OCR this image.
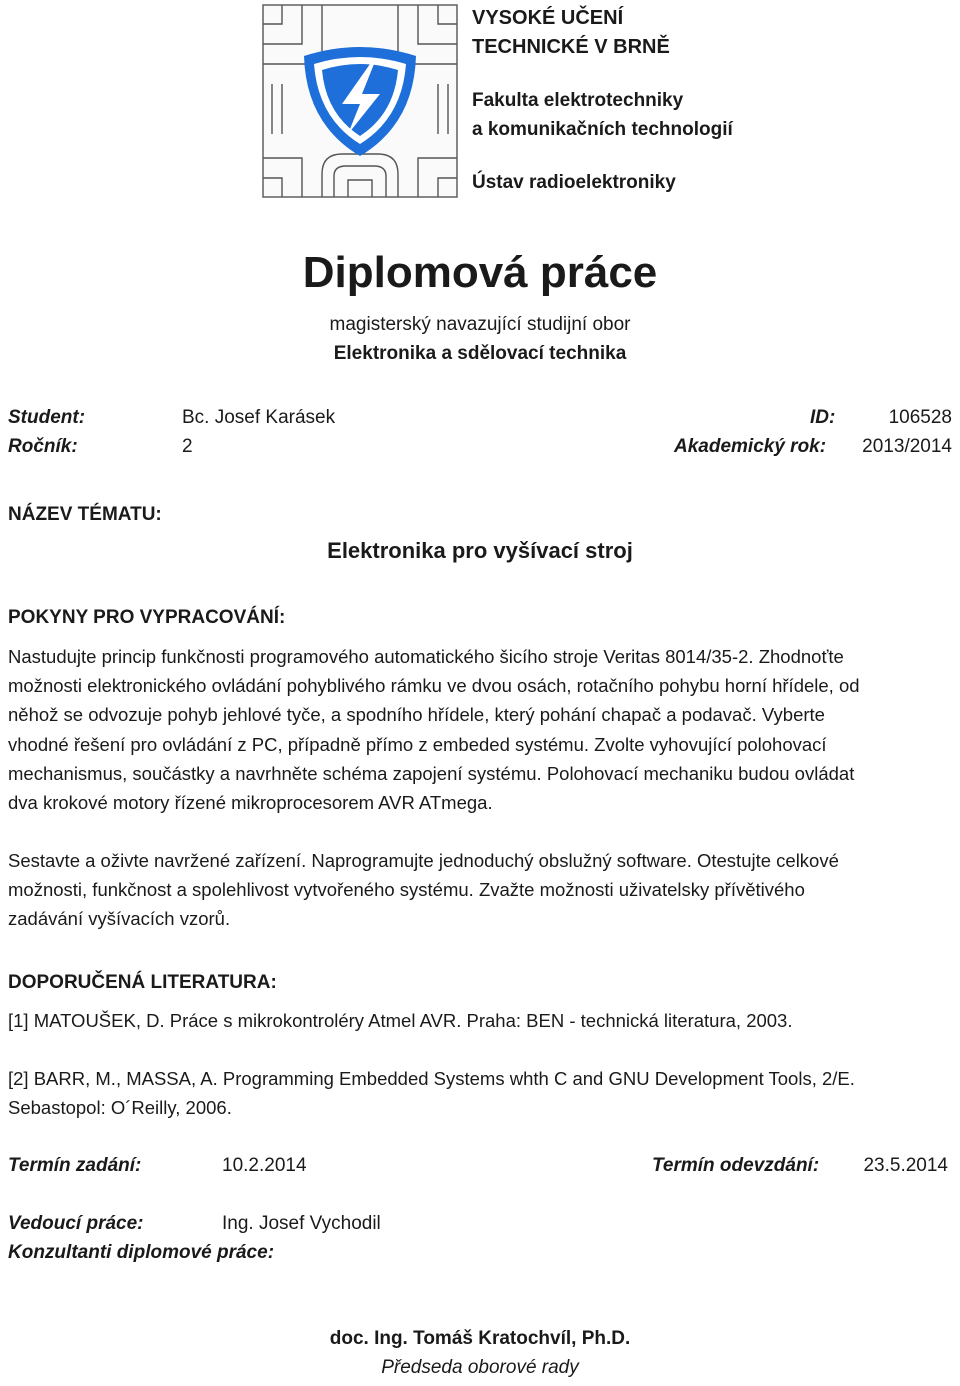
VYSOKÉ UČENÍ
TECHNICKÉ V BRNĚ
Fakulta elektrotechniky
a komunikačních technologií
Ústav radioelektroniky
Diplomová práce
magisterský navazující studijní obor
Elektronika a sdělovací technika
Student:	Bc. Josef Karásek	ID:	106528
Ročník:	2	Akademický rok: 2013/2014
NÁZEV TÉMATU:
Elektronika pro vyšívací stroj
POKYNY PRO VYPRACOVÁNÍ:
Nastudujte princip funkčnosti programového automatického šicího stroje Veritas 8014/35-2. Zhodnoťte
možnosti elektronického ovládání pohyblivého rámku ve dvou osách, rotačního pohybu horní hřídele, od
něhož se odvozuje pohyb jehlové tyče, a spodního hřídele, který pohání chapač a podavač. Vyberte
vhodné řešení pro ovládání z PC, případně přímo z embeded systému. Zvolte vyhovující polohovací
mechanismus, součástky a navrhněte schéma zapojení systému. Polohovací mechaniku budou ovládat
dva krokové motory řízené mikroprocesorem AVR ATmega.
Sestavte a oživte navržené zařízení. Naprogramujte jednoduchý obslužný software. Otestujte celkové
možnosti, funkčnost a spolehlivost vytvořeného systému. Zvažte možnosti uživatelsky přívětivého
zadávání vyšívacích vzorů.
DOPORUČENÁ LITERATURA:
[1] MATOUŠEK, D. Práce s mikrokontroléry Atmel AVR. Praha: BEN - technická literatura, 2003.
[2] BARR, M., MASSA, A. Programming Embedded Systems whth C and GNU Development Tools, 2/E.
Sebastopol: O´Reilly, 2006.
Termín zadání:	10.2.2014	Termín odevzdání: 23.5.2014
Vedoucí práce:	Ing. Josef Vychodil
Konzultanti diplomové práce:
doc. Ing. Tomáš Kratochvíl, Ph.D.
Předseda oborové rady
